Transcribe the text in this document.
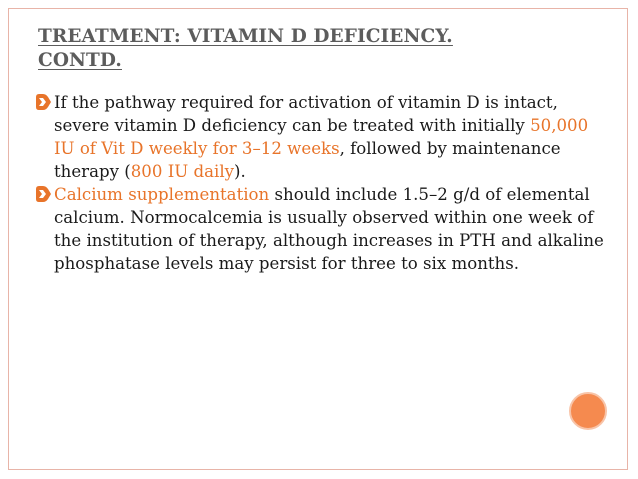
TREATMENT: VITAMIN D DEFICIENCY.
CONTD.
If the pathway required for activation of vitamin D is intact, severe vitamin D deficiency can be treated with initially 50,000 IU of Vit D weekly for 3–12 weeks, followed by maintenance therapy (800 IU daily).
Calcium supplementation should include 1.5–2 g/d of elemental calcium. Normocalcemia is usually observed within one week of the institution of therapy, although increases in PTH and alkaline phosphatase levels may persist for three to six months.
